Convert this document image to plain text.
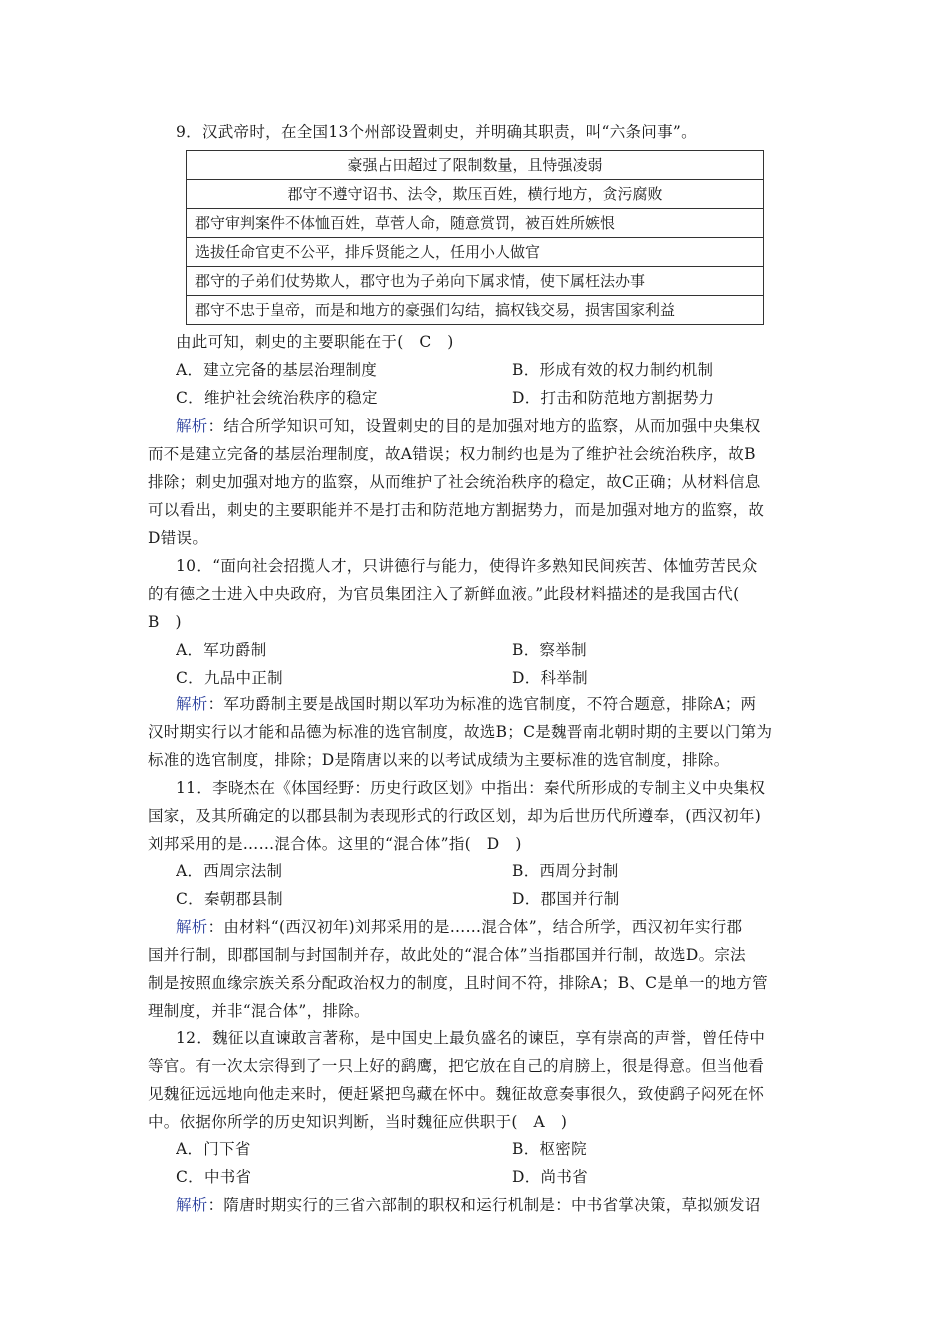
9．汉武帝时，在全国13个州部设置刺史，并明确其职责，叫“六条问事”。
豪强占田超过了限制数量，且恃强凌弱
郡守不遵守诏书、法令，欺压百姓，横行地方，贪污腐败
郡守审判案件不体恤百姓，草菅人命，随意赏罚，被百姓所嫉恨
选拔任命官吏不公平，排斥贤能之人，任用小人做官
郡守的子弟们仗势欺人，郡守也为子弟向下属求情，使下属枉法办事
郡守不忠于皇帝，而是和地方的豪强们勾结，搞权钱交易，损害国家利益
由此可知，刺史的主要职能在于(　C　)
A．建立完备的基层治理制度	B．形成有效的权力制约机制
C．维护社会统治秩序的稳定	D．打击和防范地方割据势力
解析：结合所学知识可知，设置刺史的目的是加强对地方的监察，从而加强中央集权
而不是建立完备的基层治理制度，故A错误；权力制约也是为了维护社会统治秩序，故B
排除；刺史加强对地方的监察，从而维护了社会统治秩序的稳定，故C正确；从材料信息
可以看出，刺史的主要职能并不是打击和防范地方割据势力，而是加强对地方的监察，故
D错误。
10．“面向社会招揽人才，只讲德行与能力，使得许多熟知民间疾苦、体恤劳苦民众
的有德之士进入中央政府，为官员集团注入了新鲜血液。”此段材料描述的是我国古代(
B　)
A．军功爵制	B．察举制
C．九品中正制	D．科举制
解析：军功爵制主要是战国时期以军功为标准的选官制度，不符合题意，排除A；两
汉时期实行以才能和品德为标准的选官制度，故选B；C是魏晋南北朝时期的主要以门第为
标准的选官制度，排除；D是隋唐以来的以考试成绩为主要标准的选官制度，排除。
11．李晓杰在《体国经野：历史行政区划》中指出：秦代所形成的专制主义中央集权
国家，及其所确定的以郡县制为表现形式的行政区划，却为后世历代所遵奉，(西汉初年)
刘邦采用的是……混合体。这里的“混合体”指(　D　)
A．西周宗法制	B．西周分封制
C．秦朝郡县制	D．郡国并行制
解析：由材料“(西汉初年)刘邦采用的是……混合体”，结合所学，西汉初年实行郡
国并行制，即郡国制与封国制并存，故此处的“混合体”当指郡国并行制，故选D。宗法
制是按照血缘宗族关系分配政治权力的制度，且时间不符，排除A；B、C是单一的地方管
理制度，并非“混合体”，排除。
12．魏征以直谏敢言著称，是中国史上最负盛名的谏臣，享有崇高的声誉，曾任侍中
等官。有一次太宗得到了一只上好的鹞鹰，把它放在自己的肩膀上，很是得意。但当他看
见魏征远远地向他走来时，便赶紧把鸟藏在怀中。魏征故意奏事很久，致使鹞子闷死在怀
中。依据你所学的历史知识判断，当时魏征应供职于(　A　)
A．门下省	B．枢密院
C．中书省	D．尚书省
解析：隋唐时期实行的三省六部制的职权和运行机制是：中书省掌决策，草拟颁发诏
